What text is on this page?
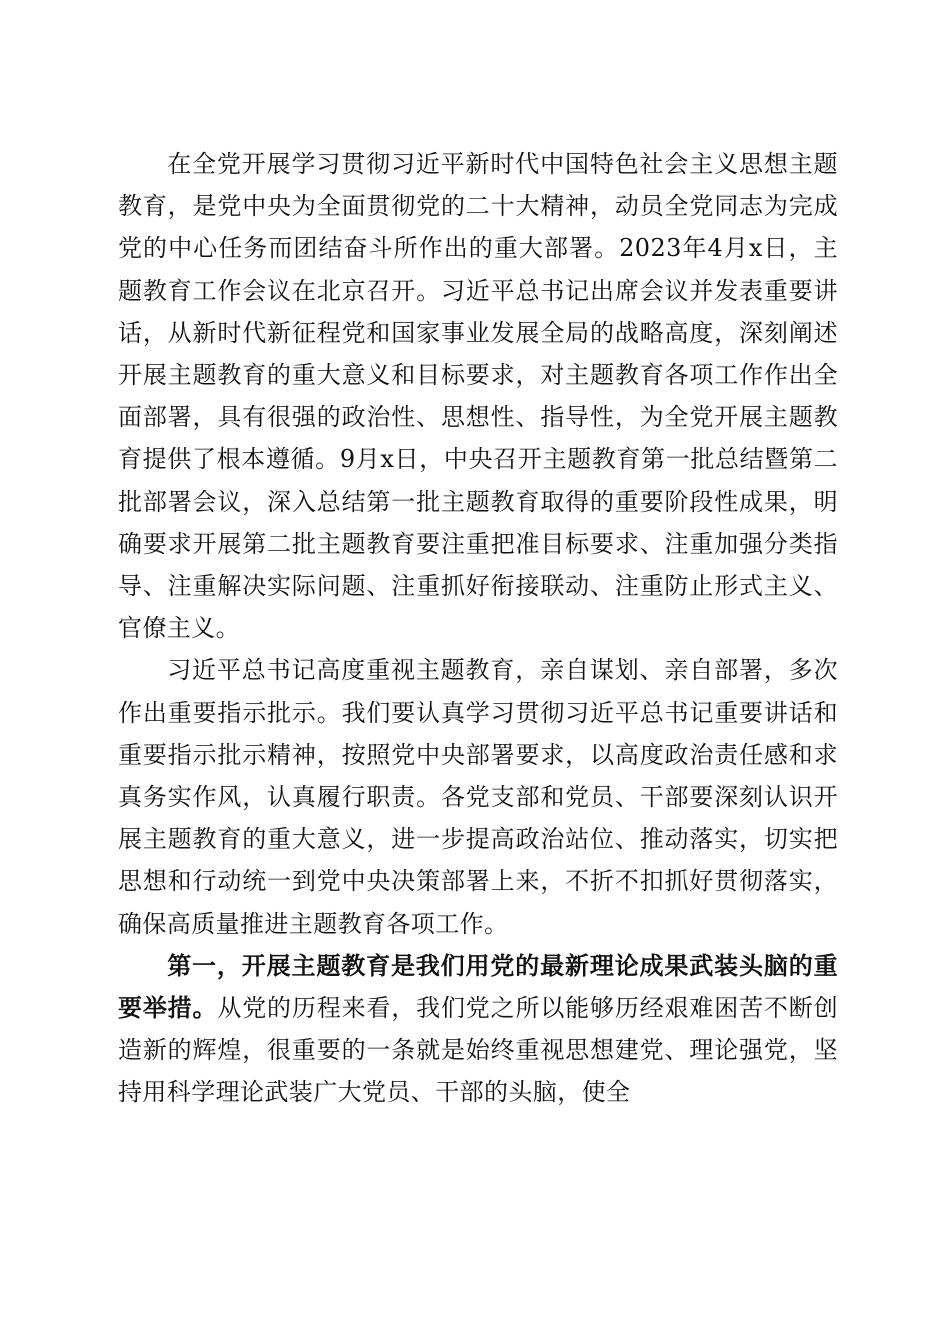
在全党开展学习贯彻习近平新时代中国特色社会主义思想主题教育，是党中央为全面贯彻党的二十大精神，动员全党同志为完成党的中心任务而团结奋斗所作出的重大部署。2023年4月x日，主题教育工作会议在北京召开。习近平总书记出席会议并发表重要讲话，从新时代新征程党和国家事业发展全局的战略高度，深刻阐述开展主题教育的重大意义和目标要求，对主题教育各项工作作出全面部署，具有很强的政治性、思想性、指导性，为全党开展主题教育提供了根本遵循。9月x日，中央召开主题教育第一批总结暨第二批部署会议，深入总结第一批主题教育取得的重要阶段性成果，明确要求开展第二批主题教育要注重把准目标要求、注重加强分类指导、注重解决实际问题、注重抓好衔接联动、注重防止形式主义、官僚主义。

习近平总书记高度重视主题教育，亲自谋划、亲自部署，多次作出重要指示批示。我们要认真学习贯彻习近平总书记重要讲话和重要指示批示精神，按照党中央部署要求，以高度政治责任感和求真务实作风，认真履行职责。各党支部和党员、干部要深刻认识开展主题教育的重大意义，进一步提高政治站位、推动落实，切实把思想和行动统一到党中央决策部署上来，不折不扣抓好贯彻落实，确保高质量推进主题教育各项工作。

第一，开展主题教育是我们用党的最新理论成果武装头脑的重要举措。从党的历程来看，我们党之所以能够历经艰难困苦不断创造新的辉煌，很重要的一条就是始终重视思想建党、理论强党，坚持用科学理论武装广大党员、干部的头脑，使全
